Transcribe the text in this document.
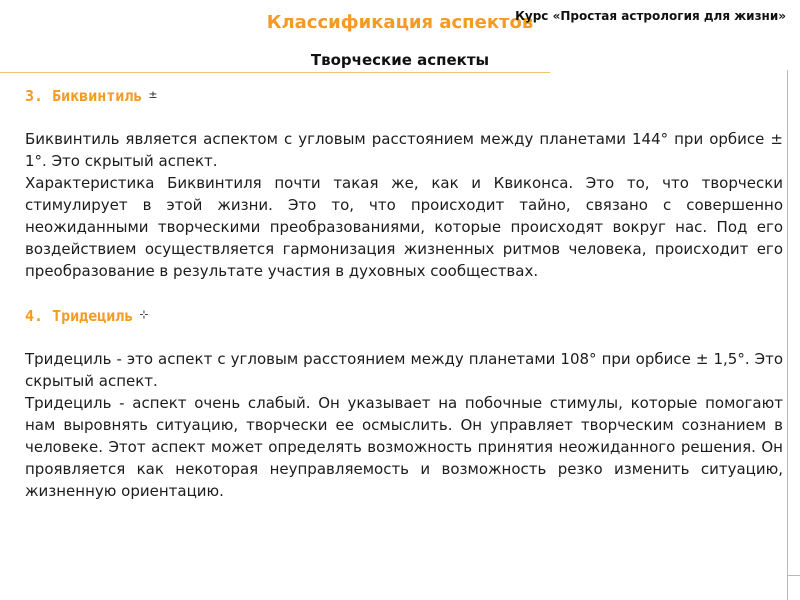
Классификация аспектов
Курс «Простая астрология для жизни»
Творческие аспекты
3. Биквинтиль ±

Биквинтиль является аспектом с угловым расстоянием между планетами 144° при орбисе ± 1°. Это скрытый аспект.

Характеристика Биквинтиля почти такая же, как и Квиконса. Это то, что творчески стимулирует в этой жизни. Это то, что происходит тайно, связано с совершенно неожиданными творческими преобразованиями, которые происходят вокруг нас. Под его воздействием осуществляется гармонизация жизненных ритмов человека, происходит его преобразование в результате участия в духовных сообществах.

4. Тридециль ⊹

Тридециль - это аспект с угловым расстоянием между планетами 108° при орбисе ± 1,5°. Это скрытый аспект.

Тридециль - аспект очень слабый. Он указывает на побочные стимулы, которые помогают нам выровнять ситуацию, творчески ее осмыслить. Он управляет творческим сознанием в человеке. Этот аспект может определять возможность принятия неожиданного решения. Он проявляется как некоторая неуправляемость и возможность резко изменить ситуацию, жизненную ориентацию.
